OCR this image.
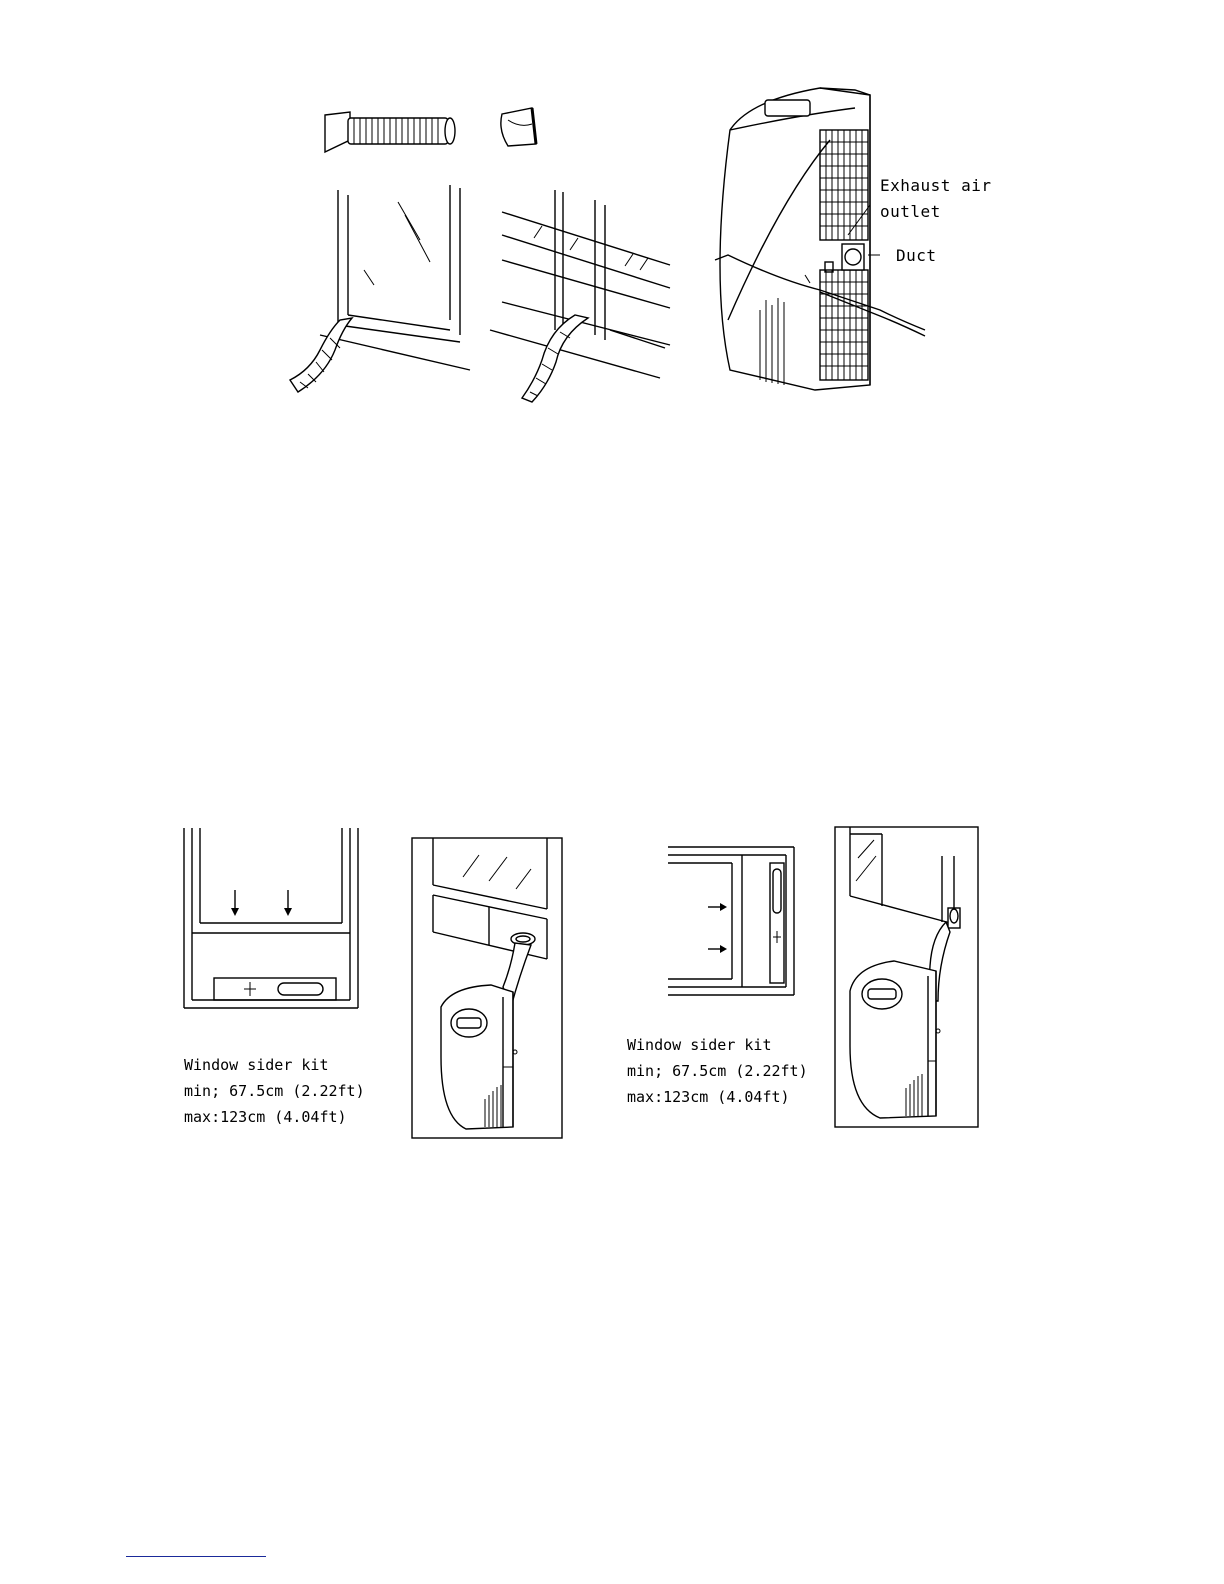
Exhaust air
outlet
Duct
Window sider kit
min; 67.5cm (2.22ft)
max:123cm (4.04ft)
Window sider kit
min; 67.5cm (2.22ft)
max:123cm (4.04ft)
